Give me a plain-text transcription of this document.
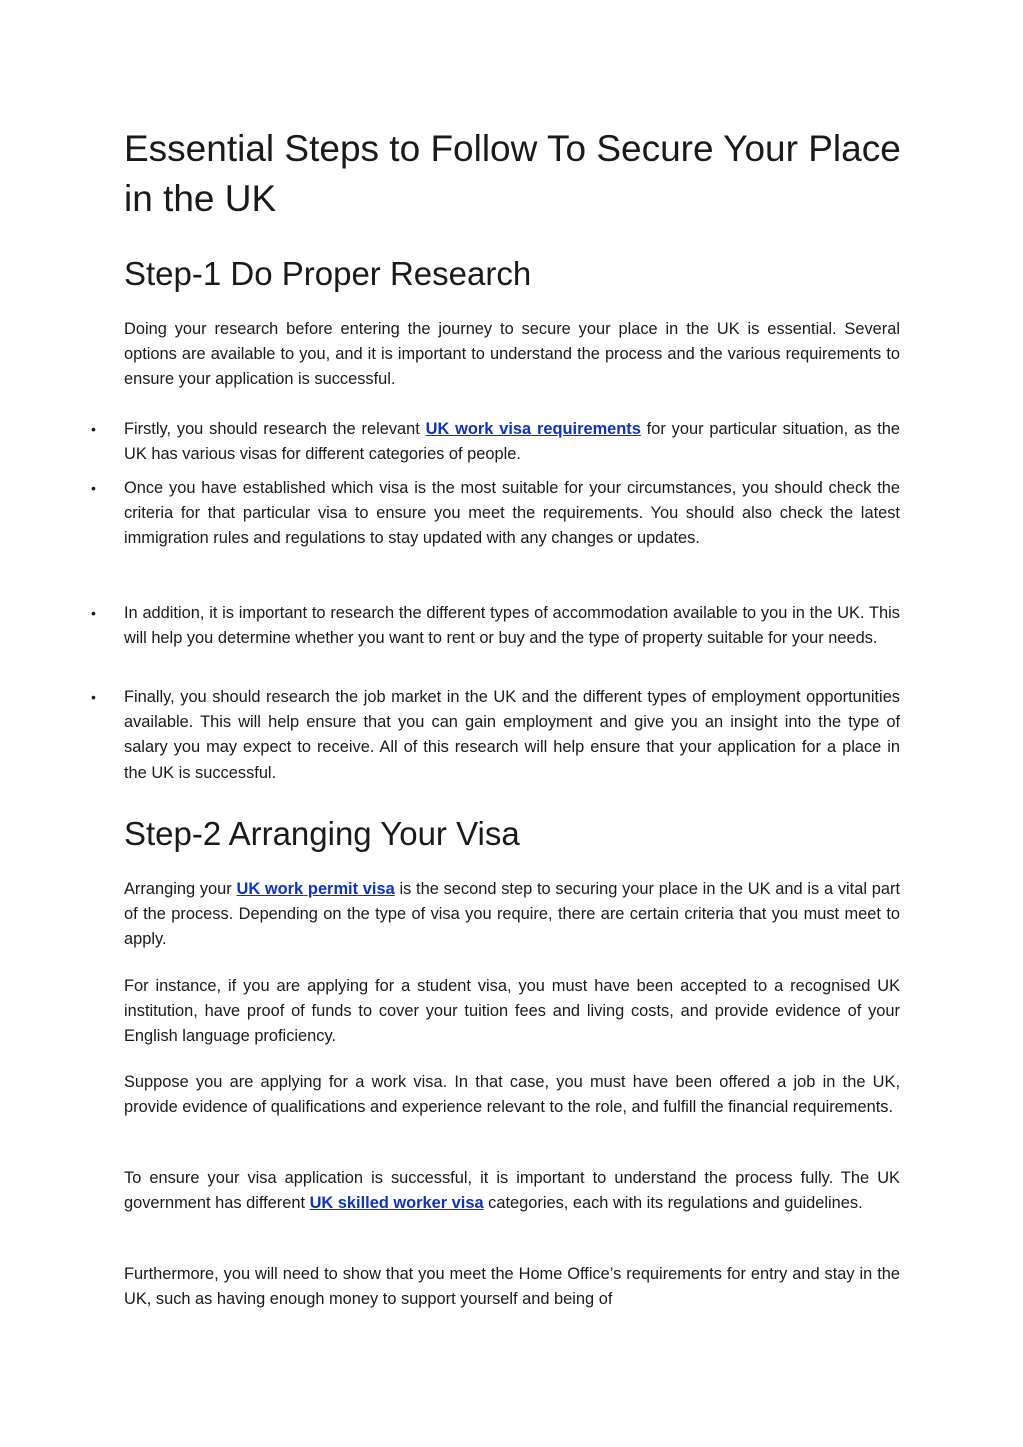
Essential Steps to Follow To Secure Your Place in the UK
Step-1 Do Proper Research

Doing your research before entering the journey to secure your place in the UK is essential. Several options are available to you, and it is important to understand the process and the various requirements to ensure your application is successful.

•	Firstly, you should research the relevant UK work visa requirements for your particular situation, as the UK has various visas for different categories of people.
•	Once you have established which visa is the most suitable for your circumstances, you should check the criteria for that particular visa to ensure you meet the requirements. You should also check the latest immigration rules and regulations to stay updated with any changes or updates.
•	In addition, it is important to research the different types of accommodation available to you in the UK. This will help you determine whether you want to rent or buy and the type of property suitable for your needs.
•	Finally, you should research the job market in the UK and the different types of employment opportunities available. This will help ensure that you can gain employment and give you an insight into the type of salary you may expect to receive. All of this research will help ensure that your application for a place in the UK is successful.
Step-2 Arranging Your Visa

Arranging your UK work permit visa is the second step to securing your place in the UK and is a vital part of the process. Depending on the type of visa you require, there are certain criteria that you must meet to apply.

For instance, if you are applying for a student visa, you must have been accepted to a recognised UK institution, have proof of funds to cover your tuition fees and living costs, and provide evidence of your English language proficiency.

Suppose you are applying for a work visa. In that case, you must have been offered a job in the UK, provide evidence of qualifications and experience relevant to the role, and fulfill the financial requirements.

To ensure your visa application is successful, it is important to understand the process fully. The UK government has different UK skilled worker visa categories, each with its regulations and guidelines.

Furthermore, you will need to show that you meet the Home Office’s requirements for entry and stay in the UK, such as having enough money to support yourself and being of
